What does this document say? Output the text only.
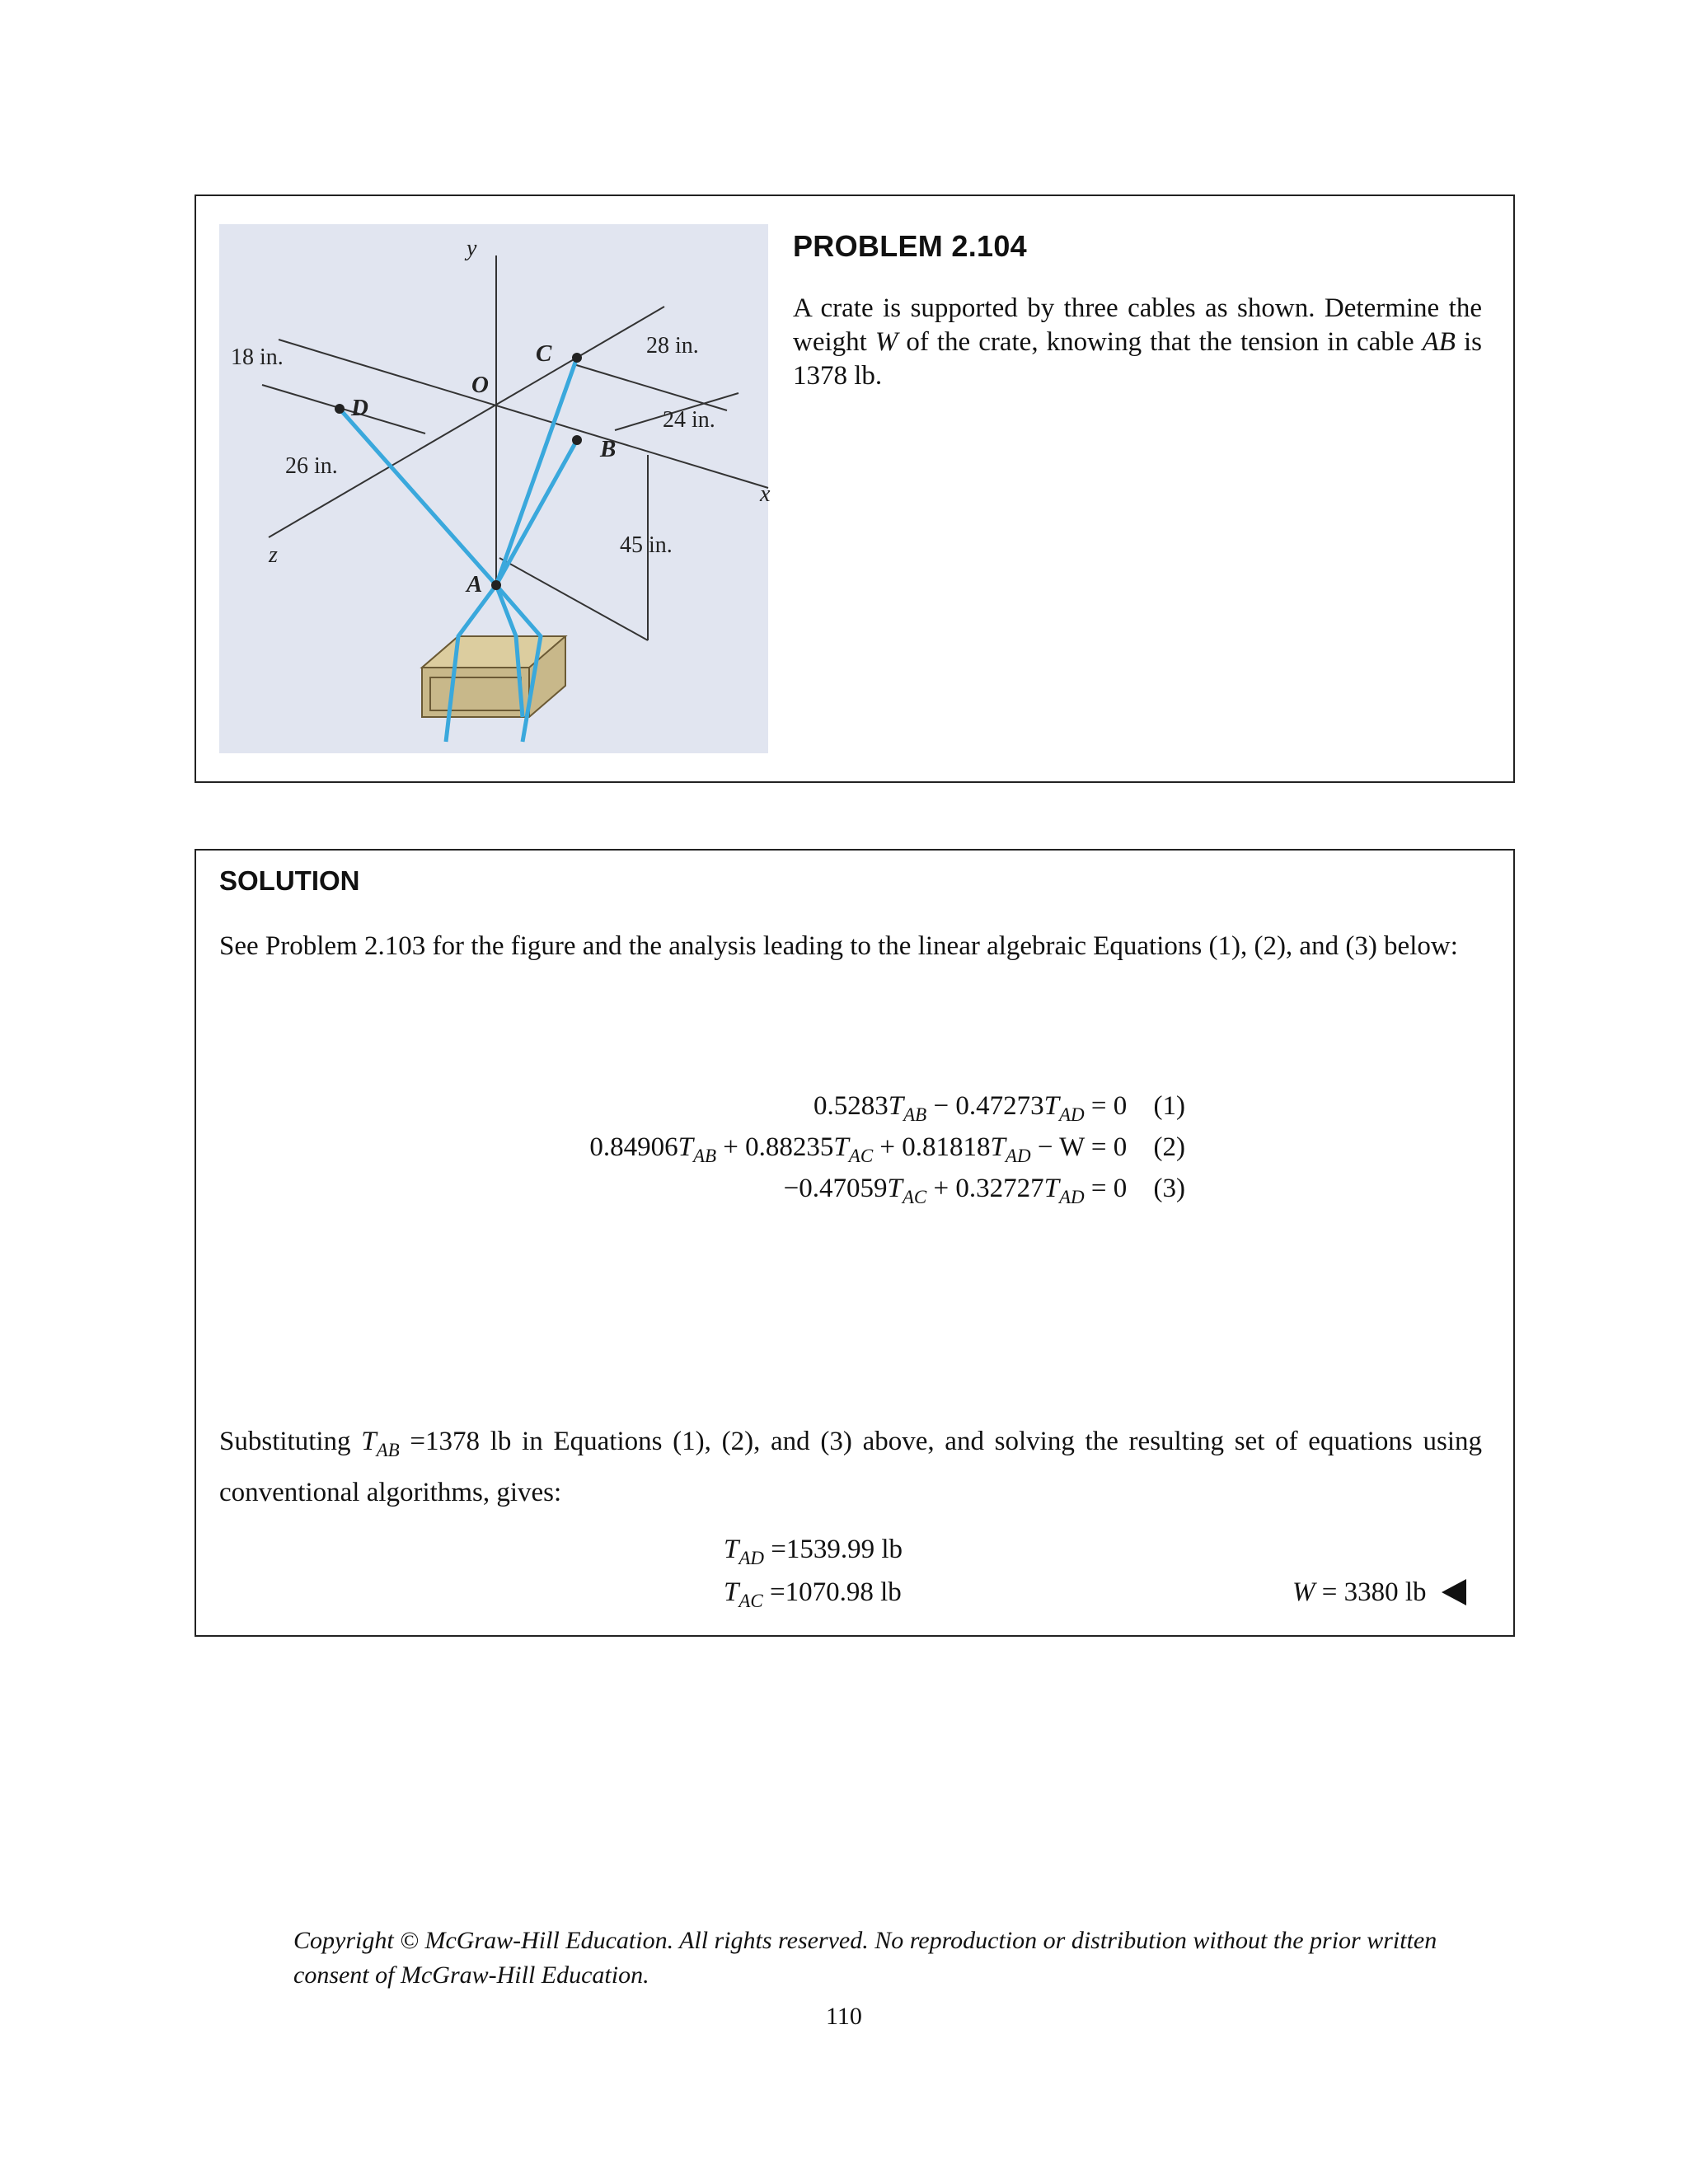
y
x
z
O
A
B
C
D
18 in.	28 in.
24 in.
26 in.
45 in.
PROBLEM 2.104

A crate is supported by three cables as shown. Determine the weight W of the crate, knowing that the tension in cable AB is 1378 lb.

SOLUTION

See Problem 2.103 for the figure and the analysis leading to the linear algebraic Equations (1), (2), and (3) below:

$0.5283T_{AB} - 0.47273T_{AD} = 0$ (1)
$0.84906T_{AB} + 0.88235T_{AC} + 0.81818T_{AD} - W = 0$ (2)
$-0.47059T_{AC} + 0.32727T_{AD} = 0$ (3)

Substituting $T_{AB} =1378$ lb in Equations (1), (2), and (3) above, and solving the resulting set of equations using conventional algorithms, gives:

$T_{AD} =1539.99$ lb
$T_{AC} =1070.98$ lb	W = 3380 lb
Copyright © McGraw-Hill Education. All rights reserved. No reproduction or distribution without the prior written consent of McGraw-Hill Education.
110
